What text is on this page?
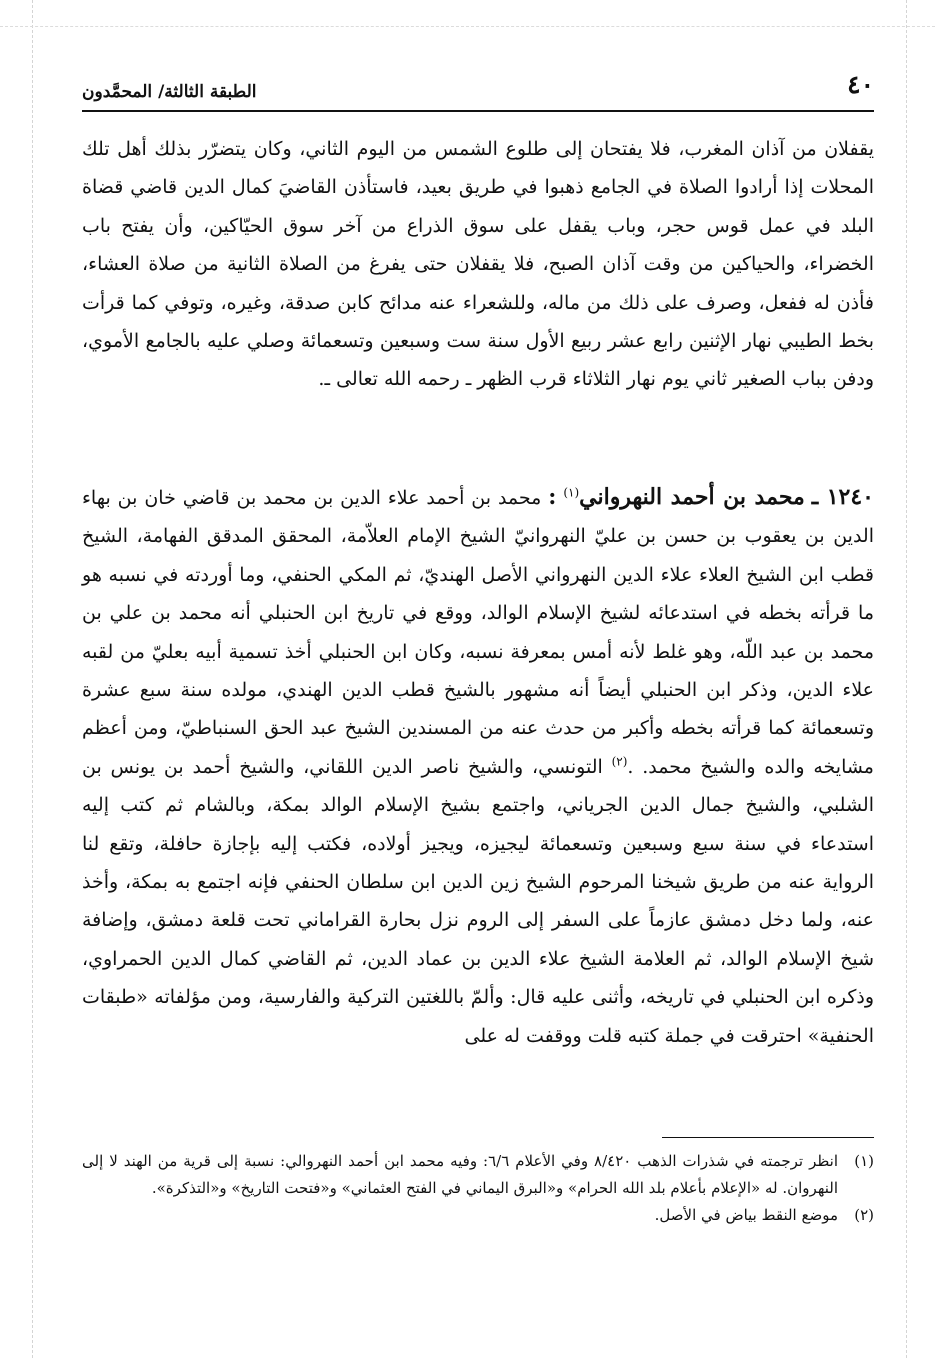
٤٠
الطبقة الثالثة/ المحمَّدون

يقفلان من آذان المغرب، فلا يفتحان إلى طلوع الشمس من اليوم الثاني، وكان يتضرّر بذلك أهل تلك المحلات إذا أرادوا الصلاة في الجامع ذهبوا في طريق بعيد، فاستأذن القاضيَ كمال الدين قاضي قضاة البلد في عمل قوس حجر، وباب يقفل على سوق الذراع من آخر سوق الحيّاكين، وأن يفتح باب الخضراء، والحياكين من وقت آذان الصبح، فلا يقفلان حتى يفرغ من الصلاة الثانية من صلاة العشاء، فأذن له ففعل، وصرف على ذلك من ماله، وللشعراء عنه مدائح كابن صدقة، وغيره، وتوفي كما قرأت بخط الطيبي نهار الإثنين رابع عشر ربيع الأول سنة ست وسبعين وتسعمائة وصلي عليه بالجامع الأموي، ودفن بباب الصغير ثاني يوم نهار الثلاثاء قرب الظهر ـ رحمه الله تعالى ـ.

١٢٤٠ ـ محمد بن أحمد النهرواني$^{(١)}$ : محمد بن أحمد علاء الدين بن محمد بن قاضي خان بن بهاء الدين بن يعقوب بن حسن بن عليّ النهروانيّ الشيخ الإمام العلاّمة، المحقق المدقق الفهامة، الشيخ قطب ابن الشيخ العلاء علاء الدين النهرواني الأصل الهنديّ، ثم المكي الحنفي، وما أوردته في نسبه هو ما قرأته بخطه في استدعائه لشيخ الإسلام الوالد، ووقع في تاريخ ابن الحنبلي أنه محمد بن علي بن محمد بن عبد اللّه، وهو غلط لأنه أمس بمعرفة نسبه، وكان ابن الحنبلي أخذ تسمية أبيه بعليّ من لقبه علاء الدين، وذكر ابن الحنبلي أيضاً أنه مشهور بالشيخ قطب الدين الهندي، مولده سنة سبع عشرة وتسعمائة كما قرأته بخطه وأكبر من حدث عنه من المسندين الشيخ عبد الحق السنباطيّ، ومن أعظم مشايخه والده والشيخ محمد. .$^{(٢)}$ التونسي، والشيخ ناصر الدين اللقاني، والشيخ أحمد بن يونس بن الشلبي، والشيخ جمال الدين الجرياني، واجتمع بشيخ الإسلام الوالد بمكة، وبالشام ثم كتب إليه استدعاء في سنة سبع وسبعين وتسعمائة ليجيزه، ويجيز أولاده، فكتب إليه بإجازة حافلة، وتقع لنا الرواية عنه من طريق شيخنا المرحوم الشيخ زين الدين ابن سلطان الحنفي فإنه اجتمع به بمكة، وأخذ عنه، ولما دخل دمشق عازماً على السفر إلى الروم نزل بحارة القراماني تحت قلعة دمشق، وإضافة شيخ الإسلام الوالد، ثم العلامة الشيخ علاء الدين بن عماد الدين، ثم القاضي كمال الدين الحمراوي، وذكره ابن الحنبلي في تاريخه، وأثنى عليه قال: وألمّ باللغتين التركية والفارسية، ومن مؤلفاته «طبقات الحنفية» احترقت في جملة كتبه قلت ووقفت له على

(١)
انظر ترجمته في شذرات الذهب ٨/٤٢٠ وفي الأعلام ٦/٦: وفيه محمد ابن أحمد النهروالي: نسبة إلى قرية من الهند لا إلى النهروان. له «الإعلام بأعلام بلد الله الحرام» و«البرق اليماني في الفتح العثماني» و«فتحت التاريخ» و«التذكرة».
(٢)
موضع النقط بياض في الأصل.
